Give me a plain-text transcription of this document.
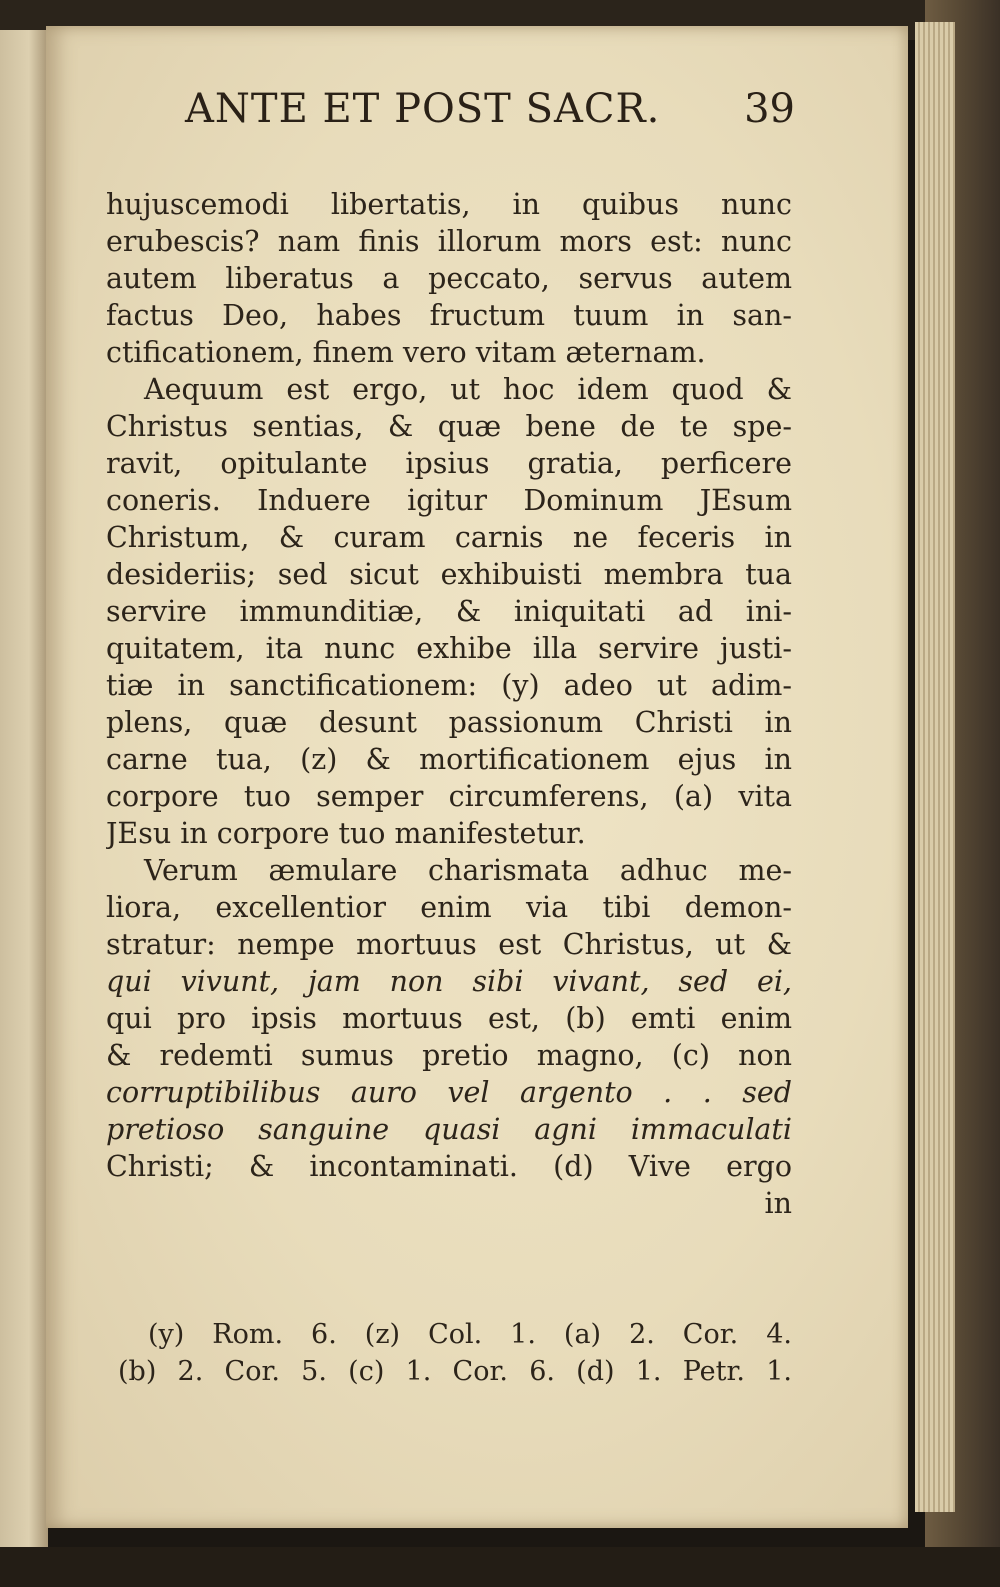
ANTE ET POST SACR. 39
hujuscemodi libertatis, in quibus nunc
erubescis? nam finis illorum mors est: nunc
autem liberatus a peccato, servus autem
factus Deo, habes fructum tuum in san-
ctificationem, finem vero vitam æternam.
Aequum est ergo, ut hoc idem quod &
Christus sentias, & quæ bene de te spe-
ravit, opitulante ipsius gratia, perficere
coneris. Induere igitur Dominum JEsum
Christum, & curam carnis ne feceris in
desideriis; sed sicut exhibuisti membra tua
servire immunditiæ, & iniquitati ad ini-
quitatem, ita nunc exhibe illa servire justi-
tiæ in sanctificationem: (y) adeo ut adim-
plens, quæ desunt passionum Christi in
carne tua, (z) & mortificationem ejus in
corpore tuo semper circumferens, (a) vita
JEsu in corpore tuo manifestetur.
Verum æmulare charismata adhuc me-
liora, excellentior enim via tibi demon-
stratur: nempe mortuus est Christus, ut &
qui vivunt, jam non sibi vivant, sed ei,
qui pro ipsis mortuus est, (b) emti enim
& redemti sumus pretio magno, (c) non
corruptibilibus auro vel argento . . sed
pretioso sanguine quasi agni immaculati
Christi; & incontaminati. (d) Vive ergo
in
(y) Rom. 6. (z) Col. 1. (a) 2. Cor. 4.
(b) 2. Cor. 5. (c) 1. Cor. 6. (d) 1. Petr. 1.
